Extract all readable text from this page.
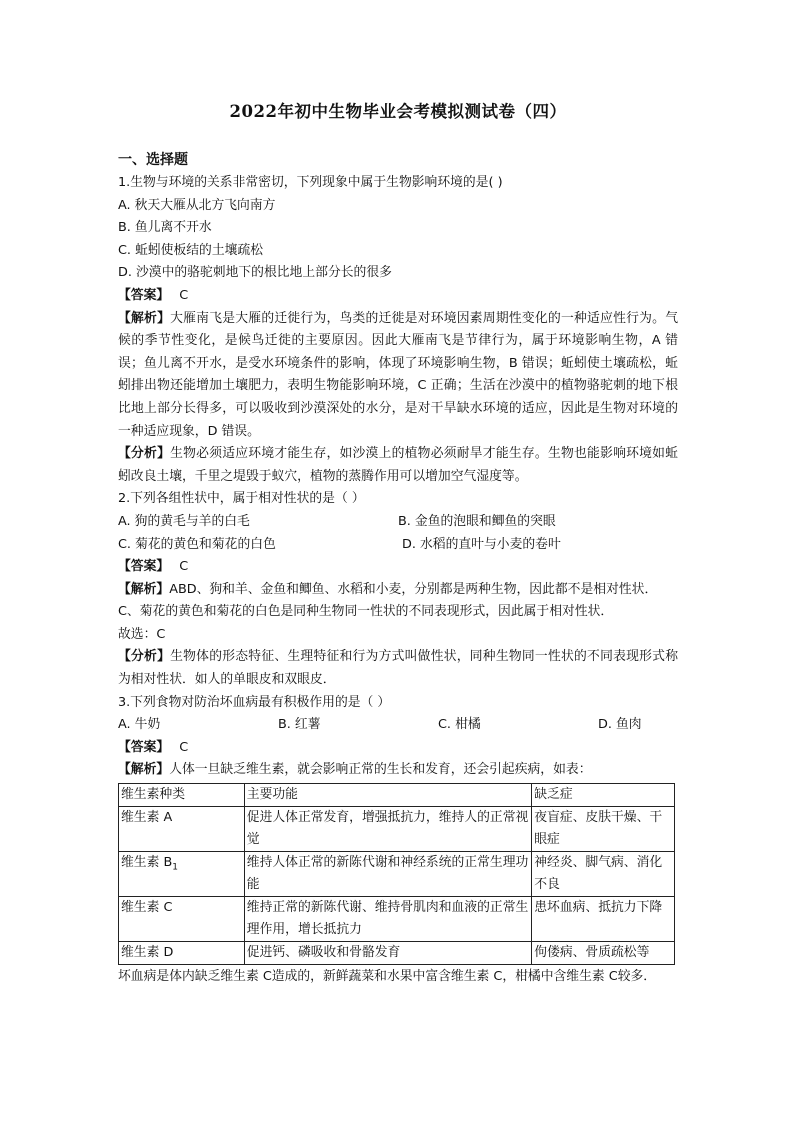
2022年初中生物毕业会考模拟测试卷（四）
一、选择题
1.生物与环境的关系非常密切，下列现象中属于生物影响环境的是( )
A. 秋天大雁从北方飞向南方
B. 鱼儿离不开水
C. 蚯蚓使板结的土壤疏松
D. 沙漠中的骆驼刺地下的根比地上部分长的很多
【答案】 C
【解析】大雁南飞是大雁的迁徙行为，鸟类的迁徙是对环境因素周期性变化的一种适应性行为。气候的季节性变化，是候鸟迁徙的主要原因。因此大雁南飞是节律行为，属于环境影响生物，A 错误；鱼儿离不开水，是受水环境条件的影响，体现了环境影响生物，B 错误；蚯蚓使土壤疏松，蚯蚓排出物还能增加土壤肥力，表明生物能影响环境，C 正确；生活在沙漠中的植物骆驼刺的地下根比地上部分长得多，可以吸收到沙漠深处的水分，是对干旱缺水环境的适应，因此是生物对环境的一种适应现象，D 错误。
【分析】生物必须适应环境才能生存，如沙漠上的植物必须耐旱才能生存。生物也能影响环境如蚯蚓改良土壤，千里之堤毁于蚁穴，植物的蒸腾作用可以增加空气湿度等。
2.下列各组性状中，属于相对性状的是（ ）
A. 狗的黄毛与羊的白毛	B. 金鱼的泡眼和鲫鱼的突眼
C. 菊花的黄色和菊花的白色	D. 水稻的直叶与小麦的卷叶
【答案】 C
【解析】ABD、狗和羊、金鱼和鲫鱼、水稻和小麦，分别都是两种生物，因此都不是相对性状．
C、菊花的黄色和菊花的白色是同种生物同一性状的不同表现形式，因此属于相对性状．
故选：C
【分析】生物体的形态特征、生理特征和行为方式叫做性状，同种生物同一性状的不同表现形式称为相对性状．如人的单眼皮和双眼皮．
3.下列食物对防治坏血病最有积极作用的是（ ）
A. 牛奶	B. 红薯	C. 柑橘	D. 鱼肉
【答案】 C
【解析】人体一旦缺乏维生素，就会影响正常的生长和发育，还会引起疾病，如表：
维生素种类	主要功能	缺乏症
维生素 A	促进人体正常发育，增强抵抗力，维持人的正常视觉	夜盲症、皮肤干燥、干眼症
维生素 $B_1$	维持人体正常的新陈代谢和神经系统的正常生理功能	神经炎、脚气病、消化不良
维生素 C	维持正常的新陈代谢、维持骨肌肉和血液的正常生理作用，增长抵抗力	患坏血病、抵抗力下降
维生素 D	促进钙、磷吸收和骨骼发育	佝偻病、骨质疏松等
坏血病是体内缺乏维生素 C造成的，新鲜蔬菜和水果中富含维生素 C，柑橘中含维生素 C较多．
